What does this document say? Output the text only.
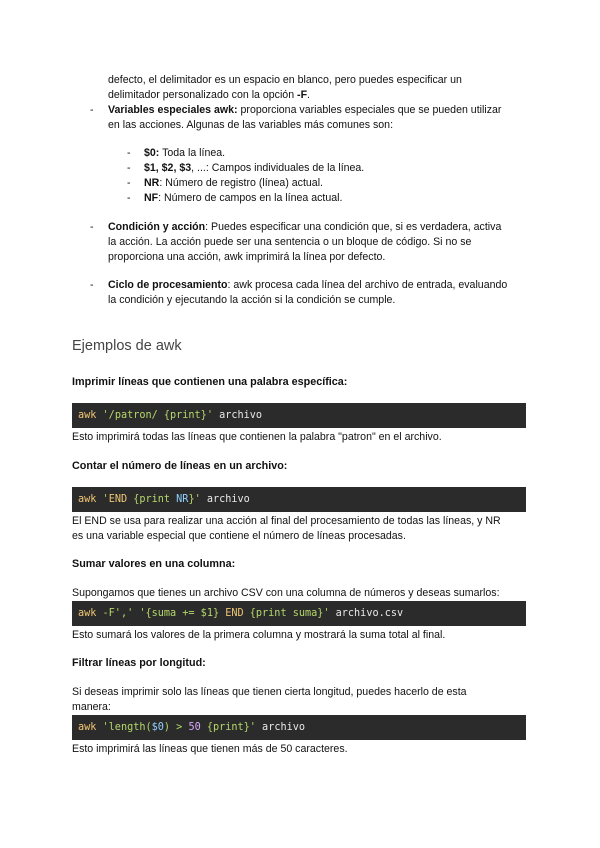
defecto, el delimitador es un espacio en blanco, pero puedes especificar un
delimitador personalizado con la opción -F.
- Variables especiales awk: proporciona variables especiales que se pueden utilizar
en las acciones. Algunas de las variables más comunes son:
- $0: Toda la línea.
- $1, $2, $3, ...: Campos individuales de la línea.
- NR: Número de registro (línea) actual.
- NF: Número de campos en la línea actual.
- Condición y acción: Puedes especificar una condición que, si es verdadera, activa
la acción. La acción puede ser una sentencia o un bloque de código. Si no se
proporciona una acción, awk imprimirá la línea por defecto.
- Ciclo de procesamiento: awk procesa cada línea del archivo de entrada, evaluando
la condición y ejecutando la acción si la condición se cumple.
Ejemplos de awk
Imprimir líneas que contienen una palabra específica:
awk
'/patron/ {print}' archivo
Esto imprimirá todas las líneas que contienen la palabra "patron" en el archivo.
Contar el número de líneas en un archivo:
awk ' END {print NR }' archivo
El END se usa para realizar una acción al final del procesamiento de todas las líneas, y NR
es una variable especial que contiene el número de líneas procesadas.
Sumar valores en una columna:
Supongamos que tienes un archivo CSV con una columna de números y deseas sumarlos:
awk -F',' '{suma += $1} END {print suma}' archivo.csv
Esto sumará los valores de la primera columna y mostrará la suma total al final.
Filtrar líneas por longitud:
Si deseas imprimir solo las líneas que tienen cierta longitud, puedes hacerlo de esta
manera:
awk 'length( $0 ) > 50 {print}' archivo
Esto imprimirá las líneas que tienen más de 50 caracteres.
